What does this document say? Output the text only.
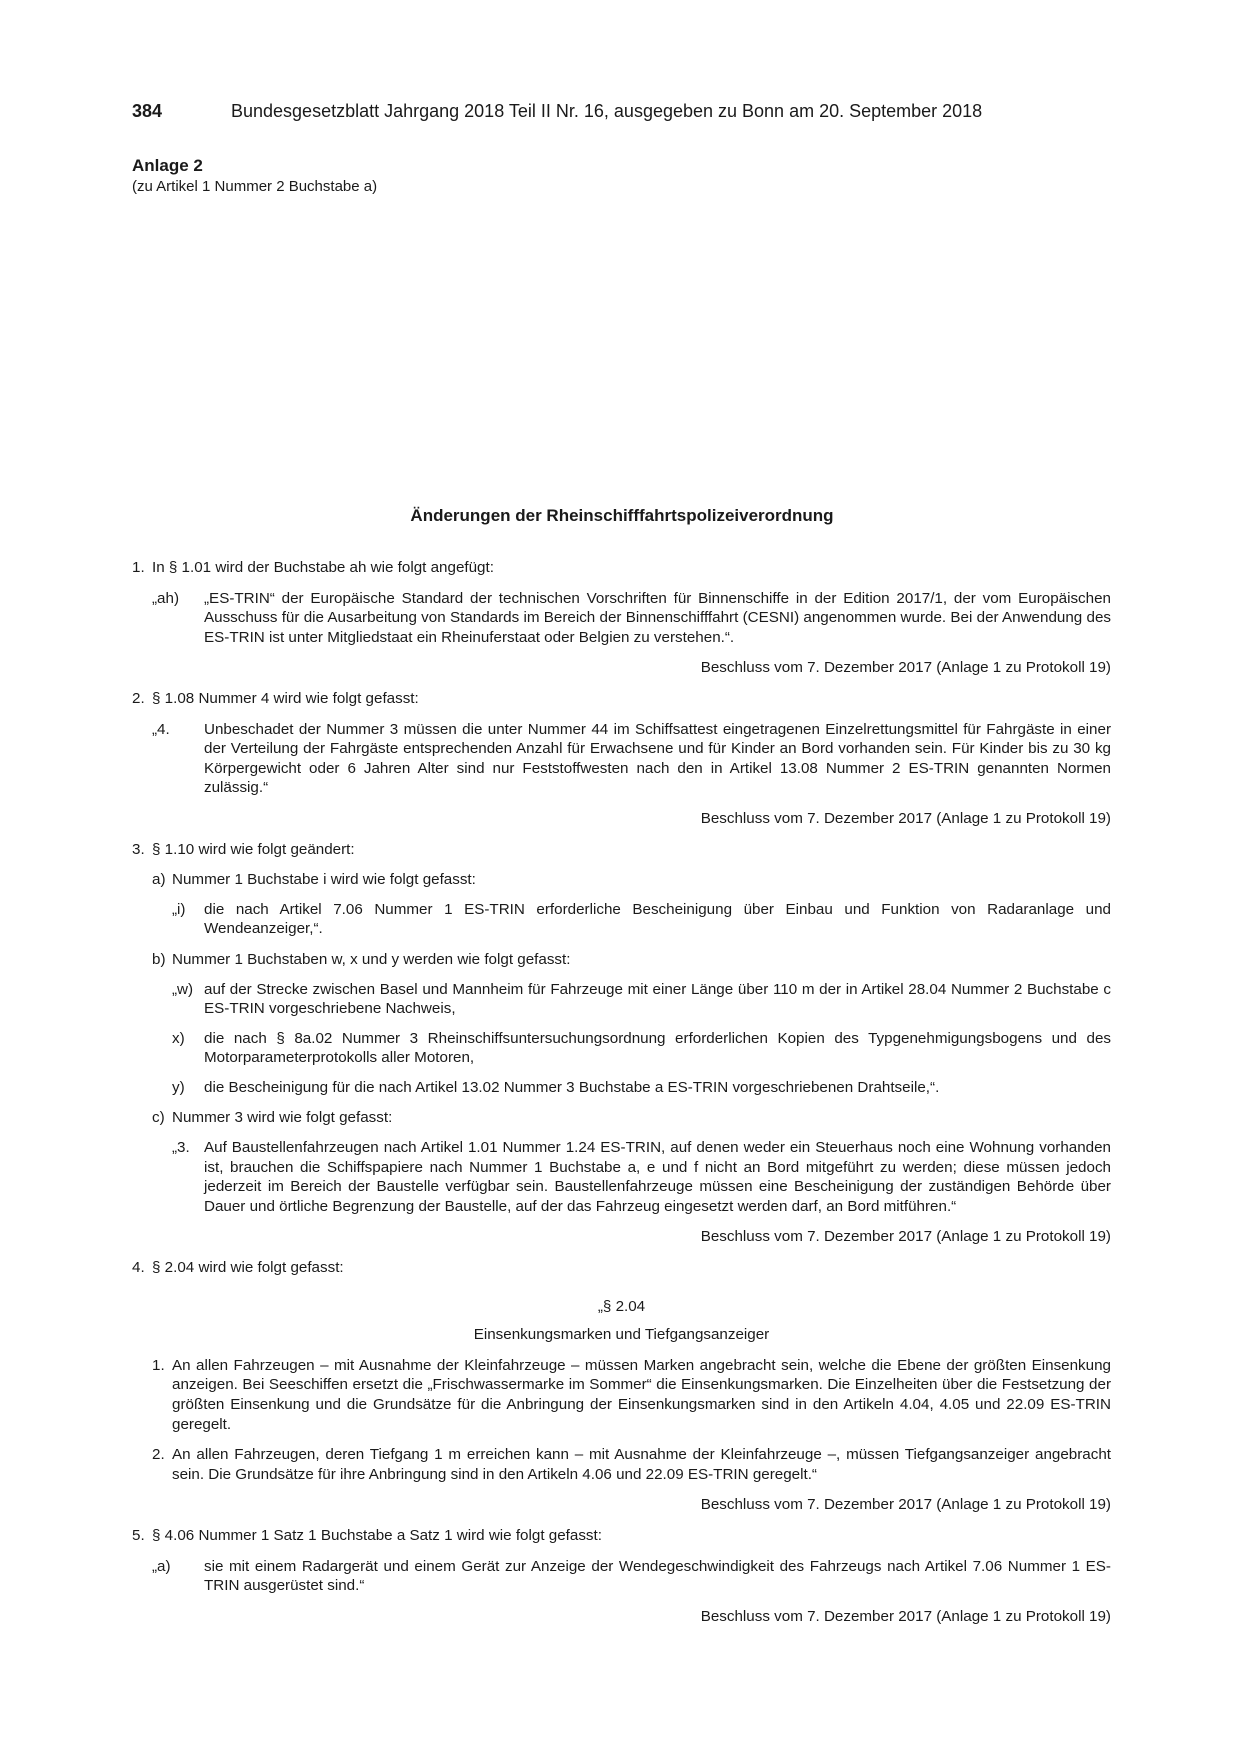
384	Bundesgesetzblatt Jahrgang 2018 Teil II Nr. 16, ausgegeben zu Bonn am 20. September 2018
Anlage 2
(zu Artikel 1 Nummer 2 Buchstabe a)
Änderungen der Rheinschifffahrtspolizeiverordnung
1. In § 1.01 wird der Buchstabe ah wie folgt angefügt:
„ah)	„ES-TRIN“ der Europäische Standard der technischen Vorschriften für Binnenschiffe in der Edition 2017/1, der vom Europäischen Ausschuss für die Ausarbeitung von Standards im Bereich der Binnenschifffahrt (CESNI) angenommen wurde. Bei der Anwendung des ES-TRIN ist unter Mitgliedstaat ein Rheinuferstaat oder Belgien zu verstehen.“.
Beschluss vom 7. Dezember 2017 (Anlage 1 zu Protokoll 19)
2. § 1.08 Nummer 4 wird wie folgt gefasst:
„4.	Unbeschadet der Nummer 3 müssen die unter Nummer 44 im Schiffsattest eingetragenen Einzelrettungsmittel für Fahrgäste in einer der Verteilung der Fahrgäste entsprechenden Anzahl für Erwachsene und für Kinder an Bord vorhanden sein. Für Kinder bis zu 30 kg Körpergewicht oder 6 Jahren Alter sind nur Feststoffwesten nach den in Artikel 13.08 Nummer 2 ES-TRIN genannten Normen zulässig.“
Beschluss vom 7. Dezember 2017 (Anlage 1 zu Protokoll 19)
3. § 1.10 wird wie folgt geändert:
a) Nummer 1 Buchstabe i wird wie folgt gefasst:
„i)	die nach Artikel 7.06 Nummer 1 ES-TRIN erforderliche Bescheinigung über Einbau und Funktion von Radaranlage und Wendeanzeiger,“.
b) Nummer 1 Buchstaben w, x und y werden wie folgt gefasst:
„w) auf der Strecke zwischen Basel und Mannheim für Fahrzeuge mit einer Länge über 110 m der in Artikel 28.04 Nummer 2 Buchstabe c ES-TRIN vorgeschriebene Nachweis,
x)	die nach § 8a.02 Nummer 3 Rheinschiffsuntersuchungsordnung erforderlichen Kopien des Typgenehmigungsbogens und des Motorparameterprotokolls aller Motoren,
y)	die Bescheinigung für die nach Artikel 13.02 Nummer 3 Buchstabe a ES-TRIN vorgeschriebenen Drahtseile,“.
c) Nummer 3 wird wie folgt gefasst:
„3. Auf Baustellenfahrzeugen nach Artikel 1.01 Nummer 1.24 ES-TRIN, auf denen weder ein Steuerhaus noch eine Wohnung vorhanden ist, brauchen die Schiffspapiere nach Nummer 1 Buchstabe a, e und f nicht an Bord mitgeführt zu werden; diese müssen jedoch jederzeit im Bereich der Baustelle verfügbar sein. Baustellenfahrzeuge müssen eine Bescheinigung der zuständigen Behörde über Dauer und örtliche Begrenzung der Baustelle, auf der das Fahrzeug eingesetzt werden darf, an Bord mitführen.“
Beschluss vom 7. Dezember 2017 (Anlage 1 zu Protokoll 19)
4. § 2.04 wird wie folgt gefasst:
„§ 2.04
Einsenkungsmarken und Tiefgangsanzeiger
1. An allen Fahrzeugen – mit Ausnahme der Kleinfahrzeuge – müssen Marken angebracht sein, welche die Ebene der größten Einsenkung anzeigen. Bei Seeschiffen ersetzt die „Frischwassermarke im Sommer“ die Einsenkungsmarken. Die Einzelheiten über die Festsetzung der größten Einsenkung und die Grundsätze für die Anbringung der Einsenkungsmarken sind in den Artikeln 4.04, 4.05 und 22.09 ES-TRIN geregelt.
2. An allen Fahrzeugen, deren Tiefgang 1 m erreichen kann – mit Ausnahme der Kleinfahrzeuge –, müssen Tiefgangsanzeiger angebracht sein. Die Grundsätze für ihre Anbringung sind in den Artikeln 4.06 und 22.09 ES-TRIN geregelt.“
Beschluss vom 7. Dezember 2017 (Anlage 1 zu Protokoll 19)
5. § 4.06 Nummer 1 Satz 1 Buchstabe a Satz 1 wird wie folgt gefasst:
„a)	sie mit einem Radargerät und einem Gerät zur Anzeige der Wendegeschwindigkeit des Fahrzeugs nach Artikel 7.06 Nummer 1 ES-TRIN ausgerüstet sind.“
Beschluss vom 7. Dezember 2017 (Anlage 1 zu Protokoll 19)
